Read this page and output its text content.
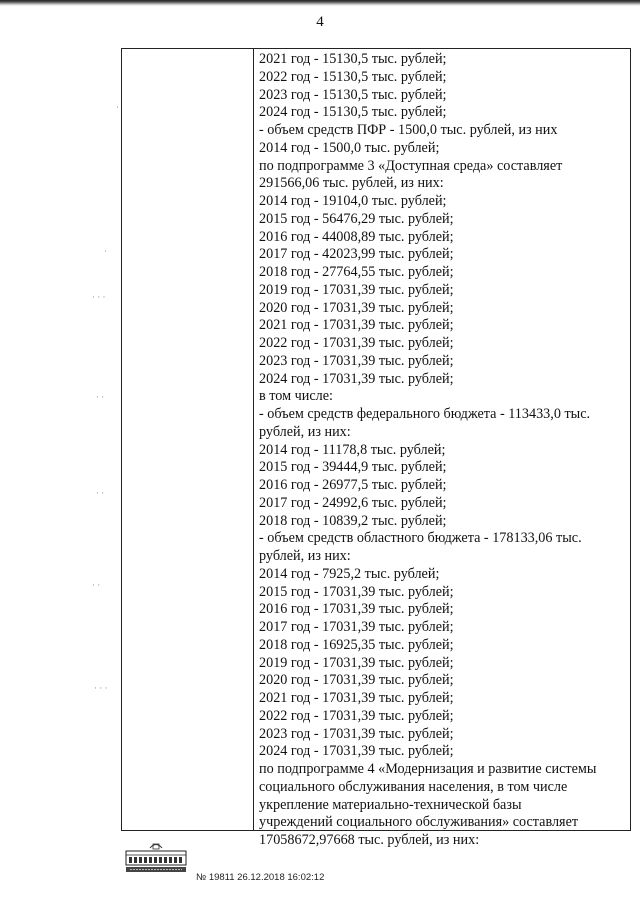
4
2021 год - 15130,5 тыс. рублей;
2022 год - 15130,5 тыс. рублей;
2023 год - 15130,5 тыс. рублей;
2024 год - 15130,5 тыс. рублей;
- объем средств ПФР - 1500,0 тыс. рублей, из них
2014 год - 1500,0 тыс. рублей;
по подпрограмме 3 «Доступная среда» составляет
291566,06 тыс. рублей, из них:
2014 год - 19104,0 тыс. рублей;
2015 год - 56476,29 тыс. рублей;
2016 год - 44008,89 тыс. рублей;
2017 год - 42023,99 тыс. рублей;
2018 год - 27764,55 тыс. рублей;
2019 год - 17031,39 тыс. рублей;
2020 год - 17031,39 тыс. рублей;
2021 год - 17031,39 тыс. рублей;
2022 год - 17031,39 тыс. рублей;
2023 год - 17031,39 тыс. рублей;
2024 год - 17031,39 тыс. рублей;
в том числе:
- объем средств федерального бюджета - 113433,0 тыс.
рублей, из них:
2014 год - 11178,8 тыс. рублей;
2015 год - 39444,9 тыс. рублей;
2016 год - 26977,5 тыс. рублей;
2017 год - 24992,6 тыс. рублей;
2018 год - 10839,2 тыс. рублей;
- объем средств областного бюджета - 178133,06 тыс.
рублей, из них:
2014 год - 7925,2 тыс. рублей;
2015 год - 17031,39 тыс. рублей;
2016 год - 17031,39 тыс. рублей;
2017 год - 17031,39 тыс. рублей;
2018 год - 16925,35 тыс. рублей;
2019 год - 17031,39 тыс. рублей;
2020 год - 17031,39 тыс. рублей;
2021 год - 17031,39 тыс. рублей;
2022 год - 17031,39 тыс. рублей;
2023 год - 17031,39 тыс. рублей;
2024 год - 17031,39 тыс. рублей;
по подпрограмме 4 «Модернизация и развитие системы
социального обслуживания населения, в том числе
укрепление материально-технической базы
учреждений социального обслуживания» составляет
17058672,97668 тыс. рублей, из них:
·
·
· · ·
· ·
· ·
· ·
· · ·
№ 19811 26.12.2018 16:02:12
